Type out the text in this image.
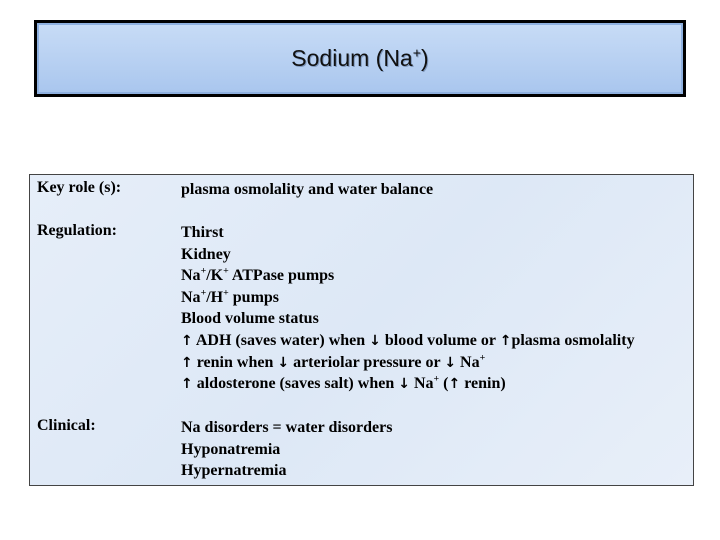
Sodium (Na+)
Key role (s):	plasma osmolality and water balance
Regulation:	Thirst
Kidney
Na+/K+ ATPase pumps
Na+/H+ pumps
Blood volume status
↑ ADH (saves water) when ↓ blood volume or ↑plasma osmolality
↑ renin when ↓ arteriolar pressure or ↓ Na+
↑ aldosterone (saves salt) when ↓ Na+ (↑ renin)
Clinical:	Na disorders = water disorders
Hyponatremia
Hypernatremia
